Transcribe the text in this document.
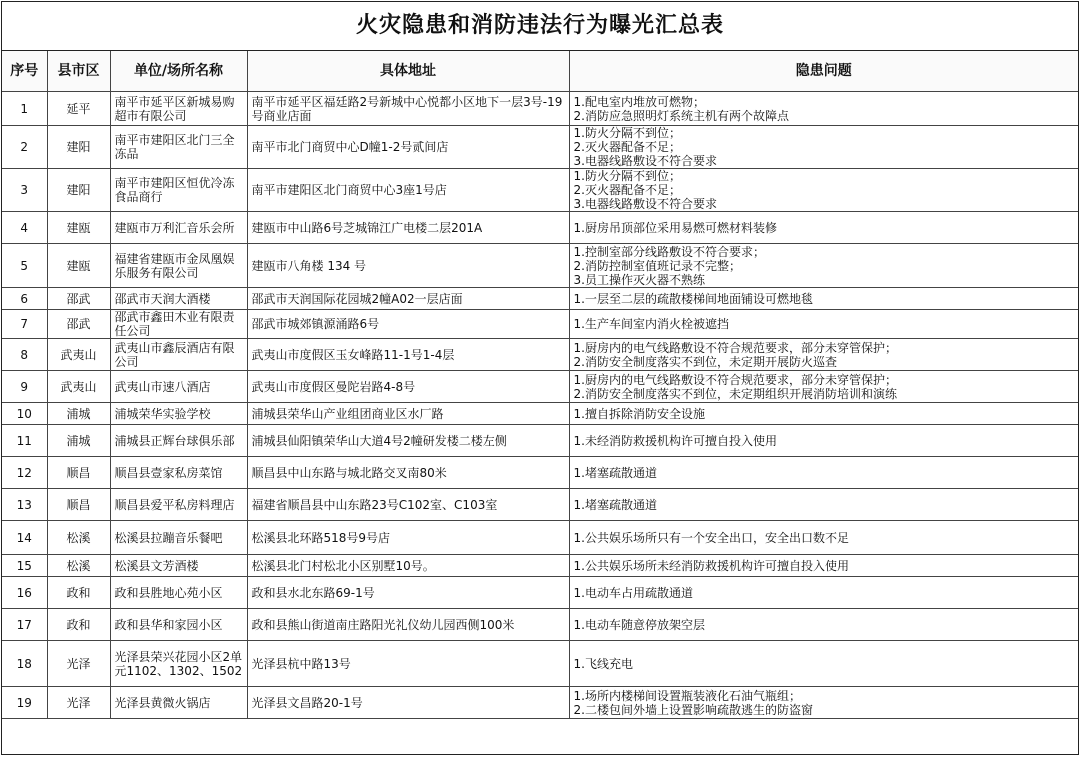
火灾隐患和消防违法行为曝光汇总表
序号	县市区	单位/场所名称	具体地址	隐患问题
1	延平	南平市延平区新城易购超市有限公司	南平市延平区福廷路2号新城中心悦都小区地下一层3号-19号商业店面	1.配电室内堆放可燃物；
2.消防应急照明灯系统主机有两个故障点

2	建阳	南平市建阳区北门三全冻品	南平市北门商贸中心D幢1-2号贰间店	1.防火分隔不到位；
2.灭火器配备不足；
3.电器线路敷设不符合要求

3	建阳	南平市建阳区恒优冷冻食品商行	南平市建阳区北门商贸中心3座1号店	1.防火分隔不到位；
2.灭火器配备不足；
3.电器线路敷设不符合要求

4	建瓯	建瓯市万利汇音乐会所	建瓯市中山路6号芝城锦江广电楼二层201A	1.厨房吊顶部位采用易燃可燃材料装修

5	建瓯	福建省建瓯市金凤凰娱乐服务有限公司	建瓯市八角楼 134 号	1.控制室部分线路敷设不符合要求；
2.消防控制室值班记录不完整；
3.员工操作灭火器不熟练

6	邵武	邵武市天润大酒楼	邵武市天润国际花园城2幢A02一层店面	1.一层至二层的疏散楼梯间地面铺设可燃地毯

7	邵武	邵武市鑫田木业有限责任公司	邵武市城郊镇源涌路6号	1.生产车间室内消火栓被遮挡

8	武夷山	武夷山市鑫辰酒店有限公司	武夷山市度假区玉女峰路11-1号1-4层	1.厨房内的电气线路敷设不符合规范要求，部分未穿管保护；
2.消防安全制度落实不到位，未定期开展防火巡查

9	武夷山	武夷山市速八酒店	武夷山市度假区曼陀岩路4-8号	1.厨房内的电气线路敷设不符合规范要求，部分未穿管保护；
2.消防安全制度落实不到位，未定期组织开展消防培训和演练

10	浦城	浦城荣华实验学校	浦城县荣华山产业组团商业区水厂路	1.擅自拆除消防安全设施

11	浦城	浦城县正辉台球俱乐部	浦城县仙阳镇荣华山大道4号2幢研发楼二楼左侧	1.未经消防救援机构许可擅自投入使用

12	顺昌	顺昌县壹家私房菜馆	顺昌县中山东路与城北路交叉南80米	1.堵塞疏散通道

13	顺昌	顺昌县爱平私房料理店	福建省顺昌县中山东路23号C102室、C103室	1.堵塞疏散通道

14	松溪	松溪县拉蹦音乐餐吧	松溪县北环路518号9号店	1.公共娱乐场所只有一个安全出口，安全出口数不足

15	松溪	松溪县文芳酒楼	松溪县北门村松北小区别墅10号。	1.公共娱乐场所未经消防救援机构许可擅自投入使用

16	政和	政和县胜地心苑小区	政和县水北东路69-1号	1.电动车占用疏散通道

17	政和	政和县华和家园小区	政和县熊山街道南庄路阳光礼仪幼儿园西侧100米	1.电动车随意停放架空层

18	光泽	光泽县荣兴花园小区2单元1102、1302、1502	光泽县杭中路13号	1.飞线充电

19	光泽	光泽县黄微火锅店	光泽县文昌路20-1号	1.场所内楼梯间设置瓶装液化石油气瓶组；
2.二楼包间外墙上设置影响疏散逃生的防盗窗
